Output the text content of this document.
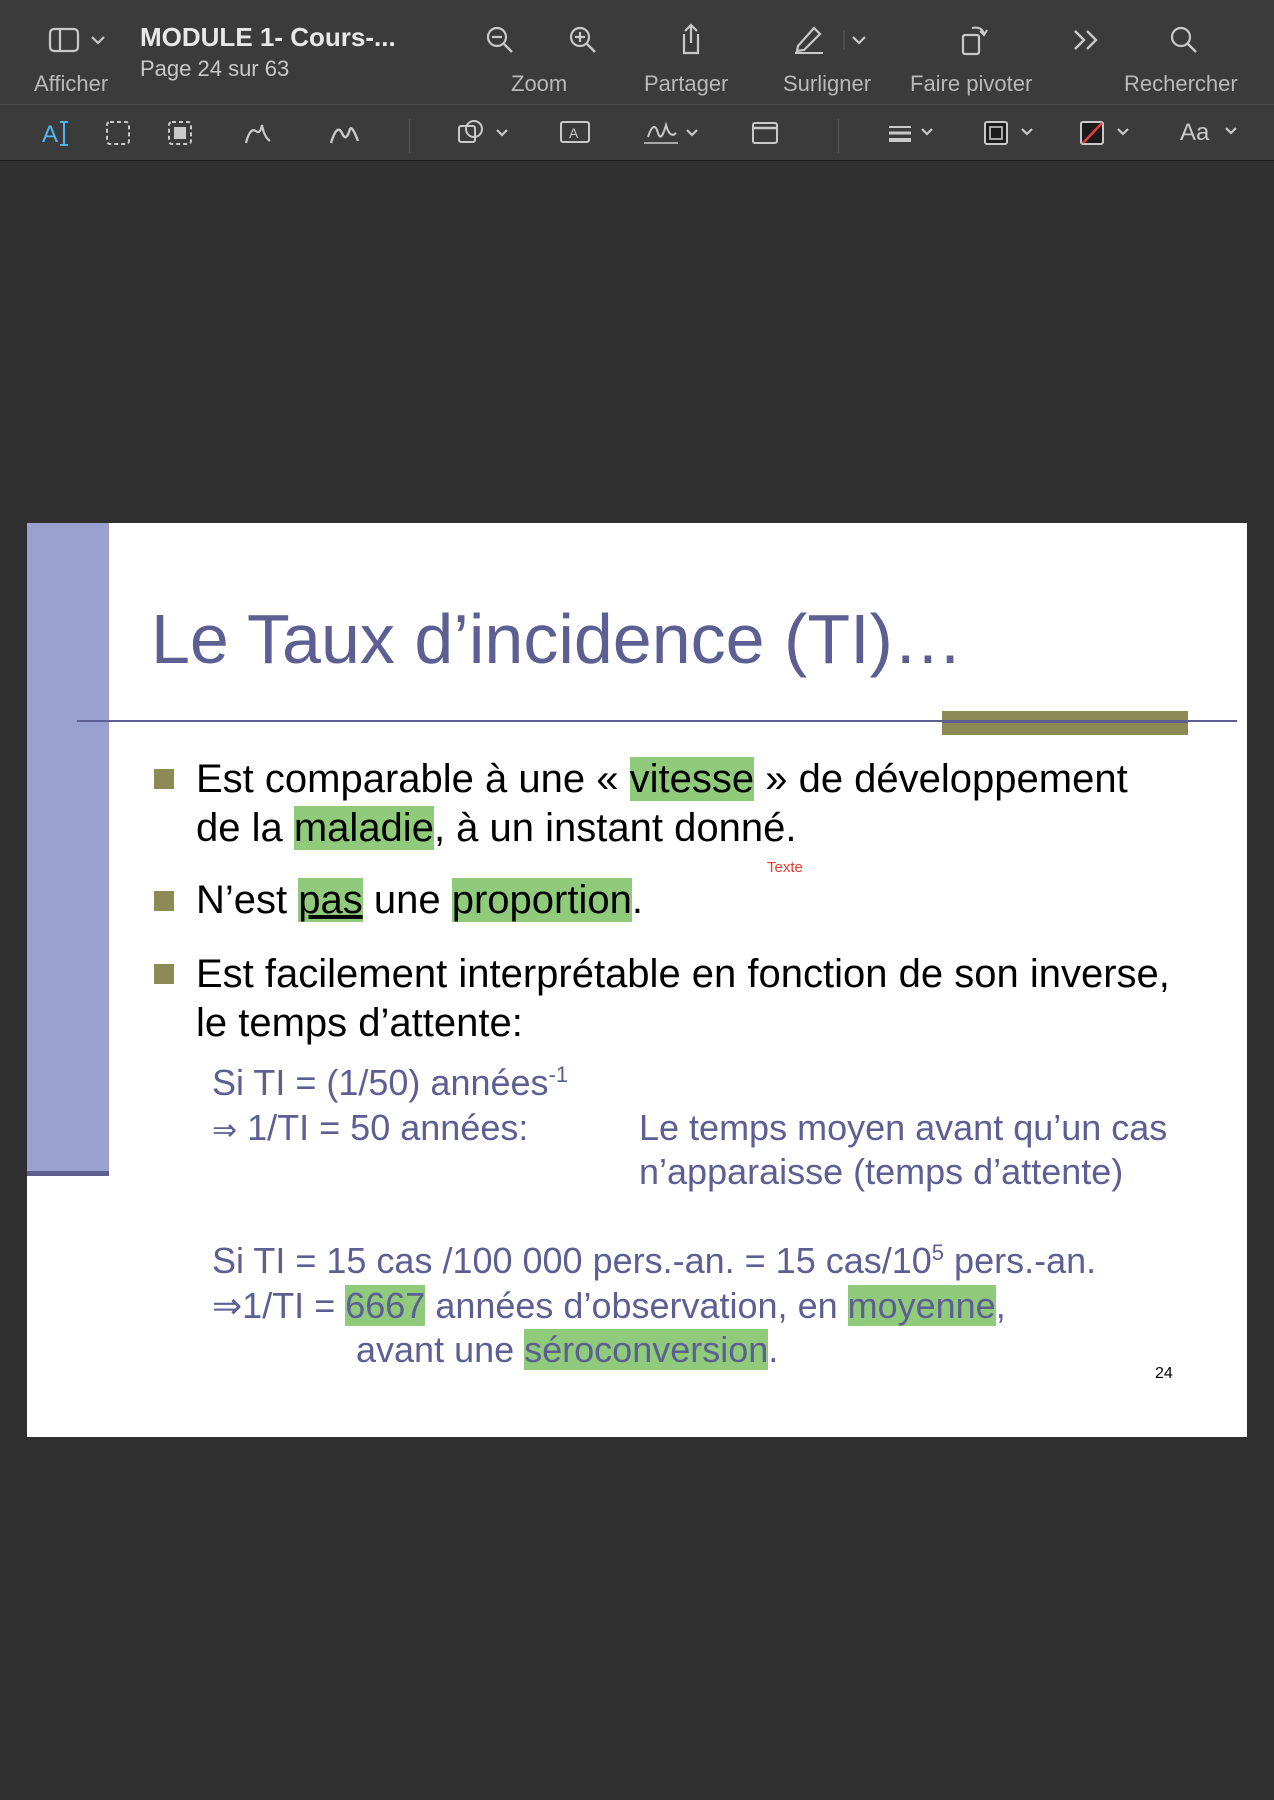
Afficher
MODULE 1- Cours-...
Page 24 sur 63
Zoom	Partager Surligner Faire pivoter	Rechercher
A	A	Aa
Le Taux d’incidence (TI)…
Est comparable à une « vitesse » de développement
de la maladie, à un instant donné.
Texte
N’est pas une proportion.
Est facilement interprétable en fonction de son inverse,
le temps d’attente:
Si TI = (1/50) années$^{-1}$
⇒ 1/TI = 50 années:	Le temps moyen avant qu’un cas
n’apparaisse (temps d’attente)
Si TI = 15 cas /100 000 pers.-an. = 15 cas/$10^5$ pers.-an.
⇒1/TI = 6667 années d’observation, en moyenne,
avant une séroconversion.
24
